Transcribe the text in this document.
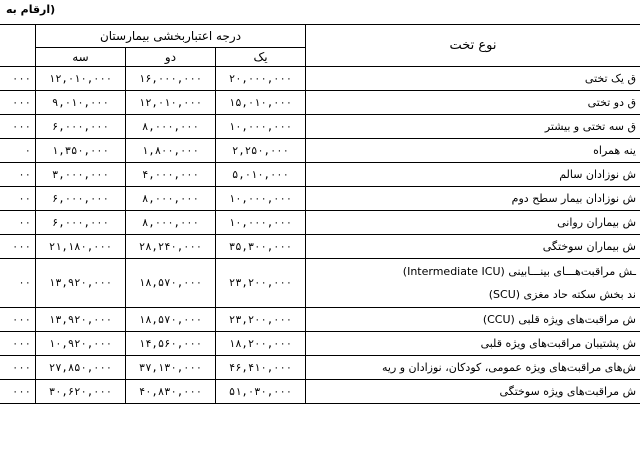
(ارقام به
	درجه اعتباربخشی بیمارستان			نوع تخت
	سه	دو	یک	
۰۰۰	۱۲,۰۱۰,۰۰۰	۱۶,۰۰۰,۰۰۰	۲۰,۰۰۰,۰۰۰	ق یک تختی

۰۰۰	۹,۰۱۰,۰۰۰	۱۲,۰۱۰,۰۰۰	۱۵,۰۱۰,۰۰۰	ق دو تختی

۰۰۰	۶,۰۰۰,۰۰۰	۸,۰۰۰,۰۰۰	۱۰,۰۰۰,۰۰۰	ق سه تختی و بیشتر

۰	۱,۳۵۰,۰۰۰	۱,۸۰۰,۰۰۰	۲,۲۵۰,۰۰۰	ینه همراه

۰۰	۳,۰۰۰,۰۰۰	۴,۰۰۰,۰۰۰	۵,۰۱۰,۰۰۰	ش نوزادان سالم

۰۰	۶,۰۰۰,۰۰۰	۸,۰۰۰,۰۰۰	۱۰,۰۰۰,۰۰۰	ش نوزادان بیمار سطح دوم

۰۰	۶,۰۰۰,۰۰۰	۸,۰۰۰,۰۰۰	۱۰,۰۰۰,۰۰۰	ش بیماران روانی

۰۰۰	۲۱,۱۸۰,۰۰۰	۲۸,۲۴۰,۰۰۰	۳۵,۳۰۰,۰۰۰	ش بیماران سوختگی

۰۰	۱۳,۹۲۰,۰۰۰	۱۸,۵۷۰,۰۰۰	۲۳,۲۰۰,۰۰۰	ـش مراقبت‌هـــای بینـــابینی (Intermediate ICU)
ند بخش سکته حاد مغزی (SCU)

۰۰۰	۱۳,۹۲۰,۰۰۰	۱۸,۵۷۰,۰۰۰	۲۳,۲۰۰,۰۰۰	ش مراقبت‌های ویژه قلبی (CCU)

۰۰۰	۱۰,۹۲۰,۰۰۰	۱۴,۵۶۰,۰۰۰	۱۸,۲۰۰,۰۰۰	ش پشتیبان مراقبت‌های ویژه قلبی

۰۰۰	۲۷,۸۵۰,۰۰۰	۳۷,۱۳۰,۰۰۰	۴۶,۴۱۰,۰۰۰	ش‌های مراقبت‌های ویژه عمومی، کودکان، نوزادان و ریه

۰۰۰	۳۰,۶۲۰,۰۰۰	۴۰,۸۳۰,۰۰۰	۵۱,۰۳۰,۰۰۰	ش مراقبت‌های ویژه سوختگی
